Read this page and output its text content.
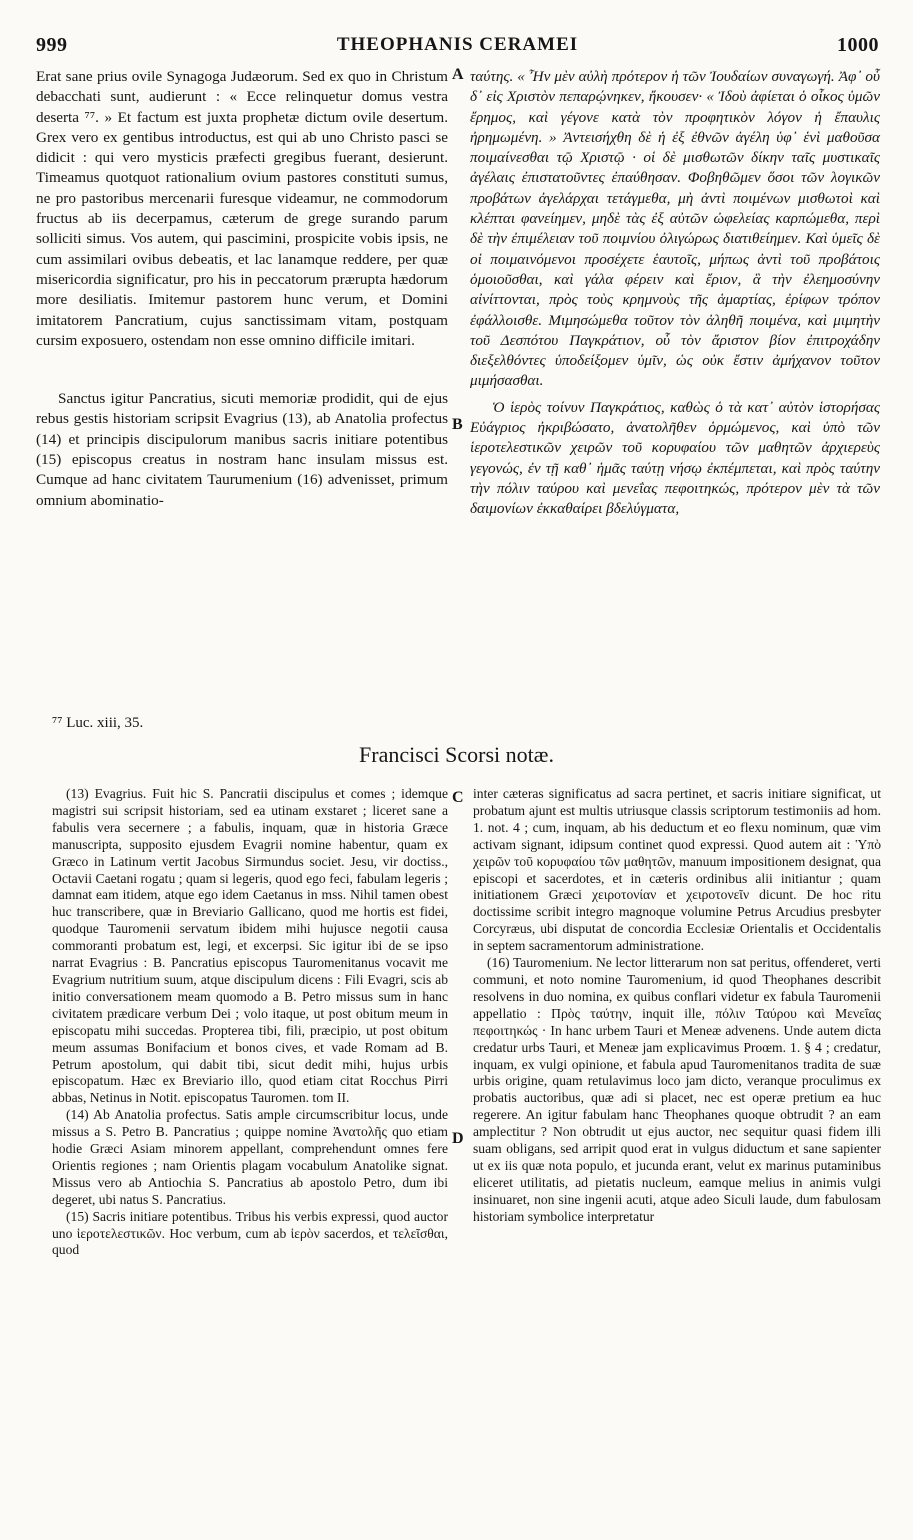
999	THEOPHANIS CERAMEI	1000

Erat sane prius ovile Synagoga Judæorum. Sed ex quo in Christum debacchati sunt, audierunt : « Ecce relinquetur domus vestra deserta ⁷⁷. » Et factum est juxta prophetæ dictum ovile desertum. Grex vero ex gentibus introductus, est qui ab uno Christo pasci se didicit : qui vero mysticis præfecti gregibus fuerant, desierunt. Timeamus quotquot rationalium ovium pastores constituti sumus, ne pro pastoribus mercenarii furesque videamur, ne commodorum fructus ab iis decerpamus, cæterum de grege surando parum solliciti simus. Vos autem, qui pascimini, prospicite vobis ipsis, ne cum assimilari ovibus debeatis, et lac lanamque reddere, per quæ misericordia significatur, pro his in peccatorum prærupta hædorum more desiliatis. Imitemur pastorem hunc verum, et Domini imitatorem Pancratium, cujus sanctissimam vitam, postquam cursim exposuero, ostendam non esse omnino difficile imitari.

Sanctus igitur Pancratius, sicuti memoriæ prodidit, qui de ejus rebus gestis historiam scripsit Evagrius (13), ab Anatolia profectus (14) et principis discipulorum manibus sacris initiare potentibus (15) episcopus creatus in nostram hanc insulam missus est. Cumque ad hanc civitatem Taurumenium (16) advenisset, primum omnium abominatio-

ταύτης. « Ἦν μὲν αὐλὴ πρότερον ἡ τῶν Ἰουδαίων συναγωγή. Ἀφ᾽ οὗ δ᾽ εἰς Χριστὸν πεπαρῴνηκεν, ἤκουσεν· « Ἰδοὺ ἀφίεται ὁ οἶκος ὑμῶν ἔρημος, καὶ γέγονε κατὰ τὸν προφητικὸν λόγον ἡ ἔπαυλις ἠρημωμένη. » Ἀντεισήχθη δὲ ἡ ἐξ ἐθνῶν ἀγέλη ὑφ᾽ ἑνὶ μαθοῦσα ποιμαίνεσθαι τῷ Χριστῷ · οἱ δὲ μισθωτῶν δίκην ταῖς μυστικαῖς ἀγέλαις ἐπιστατοῦντες ἐπαύθησαν. Φοβηθῶμεν ὅσοι τῶν λογικῶν προβάτων ἀγελάρχαι τετάγμεθα, μὴ ἀντὶ ποιμένων μισθωτοὶ καὶ κλέπται φανείημεν, μηδὲ τὰς ἐξ αὐτῶν ὠφελείας καρπώμεθα, περὶ δὲ τὴν ἐπιμέλειαν τοῦ ποιμνίου ὀλιγώρως διατιθείημεν. Καὶ ὑμεῖς δὲ οἱ ποιμαινόμενοι προσέχετε ἑαυτοῖς, μήπως ἀντὶ τοῦ προβάτοις ὁμοιοῦσθαι, καὶ γάλα φέρειν καὶ ἔριον, ἃ τὴν ἐλεημοσύνην αἰνίττονται, πρὸς τοὺς κρημνοὺς τῆς ἁμαρτίας, ἐρίφων τρόπον ἐφάλλοισθε. Μιμησώμεθα τοῦτον τὸν ἀληθῆ ποιμένα, καὶ μιμητὴν τοῦ Δεσπότου Παγκράτιον, οὗ τὸν ἄριστον βίον ἐπιτροχάδην διεξελθόντες ὑποδείξομεν ὑμῖν, ὡς οὐκ ἔστιν ἀμήχανον τοῦτον μιμήσασθαι.

Ὁ ἱερὸς τοίνυν Παγκράτιος, καθὼς ὁ τὰ κατ᾽ αὐτὸν ἱστορήσας Εὐάγριος ἠκριβώσατο, ἀνατολῆθεν ὁρμώμενος, καὶ ὑπὸ τῶν ἱεροτελεστικῶν χειρῶν τοῦ κορυφαίου τῶν μαθητῶν ἀρχιερεὺς γεγονώς, ἐν τῇ καθ᾽ ἡμᾶς ταύτῃ νήσῳ ἐκπέμπεται, καὶ πρὸς ταύτην τὴν πόλιν ταύρου καὶ μενεΐας πεφοιτηκώς, πρότερον μὲν τὰ τῶν δαιμονίων ἐκκαθαίρει βδελύγματα,

A
B
C
D
⁷⁷ Luc. xiii, 35.
Francisci Scorsi notæ.

(13) Evagrius. Fuit hic S. Pancratii discipulus et comes ; idemque magistri sui scripsit historiam, sed ea utinam exstaret ; liceret sane a fabulis vera secernere ; a fabulis, inquam, quæ in historia Græce manuscripta, supposito ejusdem Evagrii nomine habentur, quam ex Græco in Latinum vertit Jacobus Sirmundus societ. Jesu, vir doctiss., Octavii Caetani rogatu ; quam si legeris, quod ego feci, fabulam legeris ; damnat eam itidem, atque ego idem Caetanus in mss. Nihil tamen obest huc transcribere, quæ in Breviario Gallicano, quod me hortis est fidei, quodque Tauromenii servatum ibidem mihi hujusce negotii causa commoranti probatum est, legi, et excerpsi. Sic igitur ibi de se ipso narrat Evagrius : B. Pancratius episcopus Tauromenitanus vocavit me Evagrium nutritium suum, atque discipulum dicens : Fili Evagri, scis ab initio conversationem meam quomodo a B. Petro missus sum in hanc civitatem prædicare verbum Dei ; volo itaque, ut post obitum meum in episcopatu mihi succedas. Propterea tibi, fili, præcipio, ut post obitum meum assumas Bonifacium et bonos cives, et vade Romam ad B. Petrum apostolum, qui dabit tibi, sicut dedit mihi, hujus urbis episcopatum. Hæc ex Breviario illo, quod etiam citat Rocchus Pirri abbas, Netinus in Notit. episcopatus Tauromen. tom II.

(14) Ab Anatolia profectus. Satis ample circumscribitur locus, unde missus a S. Petro B. Pancratius ; quippe nomine Ἀνατολῆς quo etiam hodie Græci Asiam minorem appellant, comprehendunt omnes fere Orientis regiones ; nam Orientis plagam vocabulum Anatolike signat. Missus vero ab Antiochia S. Pancratius ab apostolo Petro, dum ibi degeret, ubi natus S. Pancratius.

(15) Sacris initiare potentibus. Tribus his verbis expressi, quod auctor uno ἱεροτελεστικῶν. Hoc verbum, cum ab ἱερὸν sacerdos, et τελεῖσθαι, quod

inter cæteras significatus ad sacra pertinet, et sacris initiare significat, ut probatum ajunt est multis utriusque classis scriptorum testimoniis ad hom. 1. not. 4 ; cum, inquam, ab his deductum et eo flexu nominum, quæ vim activam signant, idipsum continet quod expressi. Quod autem ait : Ὑπὸ χειρῶν τοῦ κορυφαίου τῶν μαθητῶν, manuum impositionem designat, qua episcopi et sacerdotes, et in cæteris ordinibus alii initiantur ; quam initiationem Græci χειροτονίαν et χειροτονεῖν dicunt. De hoc ritu doctissime scribit integro magnoque volumine Petrus Arcudius presbyter Corcyræus, ubi disputat de concordia Ecclesiæ Orientalis et Occidentalis in septem sacramentorum administratione.

(16) Tauromenium. Ne lector litterarum non sat peritus, offenderet, verti communi, et noto nomine Tauromenium, id quod Theophanes describit resolvens in duo nomina, ex quibus conflari videtur ex fabula Tauromenii appellatio : Πρὸς ταύτην, inquit ille, πόλιν Ταύρου καὶ Μενεΐας πεφοιτηκώς · In hanc urbem Tauri et Meneæ advenens. Unde autem dicta credatur urbs Tauri, et Meneæ jam explicavimus Proœm. 1. § 4 ; credatur, inquam, ex vulgi opinione, et fabula apud Tauromenitanos tradita de suæ urbis origine, quam retulavimus loco jam dicto, veranque proculimus ex probatis auctoribus, quæ adi si placet, nec est operæ pretium ea huc regerere. An igitur fabulam hanc Theophanes quoque obtrudit ? an eam amplectitur ? Non obtrudit ut ejus auctor, nec sequitur quasi fidem illi suam obligans, sed arripit quod erat in vulgus diductum et sane sapienter ut ex iis quæ nota populo, et jucunda erant, velut ex marinus putaminibus eliceret utilitatis, ad pietatis nucleum, eamque melius in animis vulgi insinuaret, non sine ingenii acuti, atque adeo Siculi laude, dum fabulosam historiam symbolice interpretatur
